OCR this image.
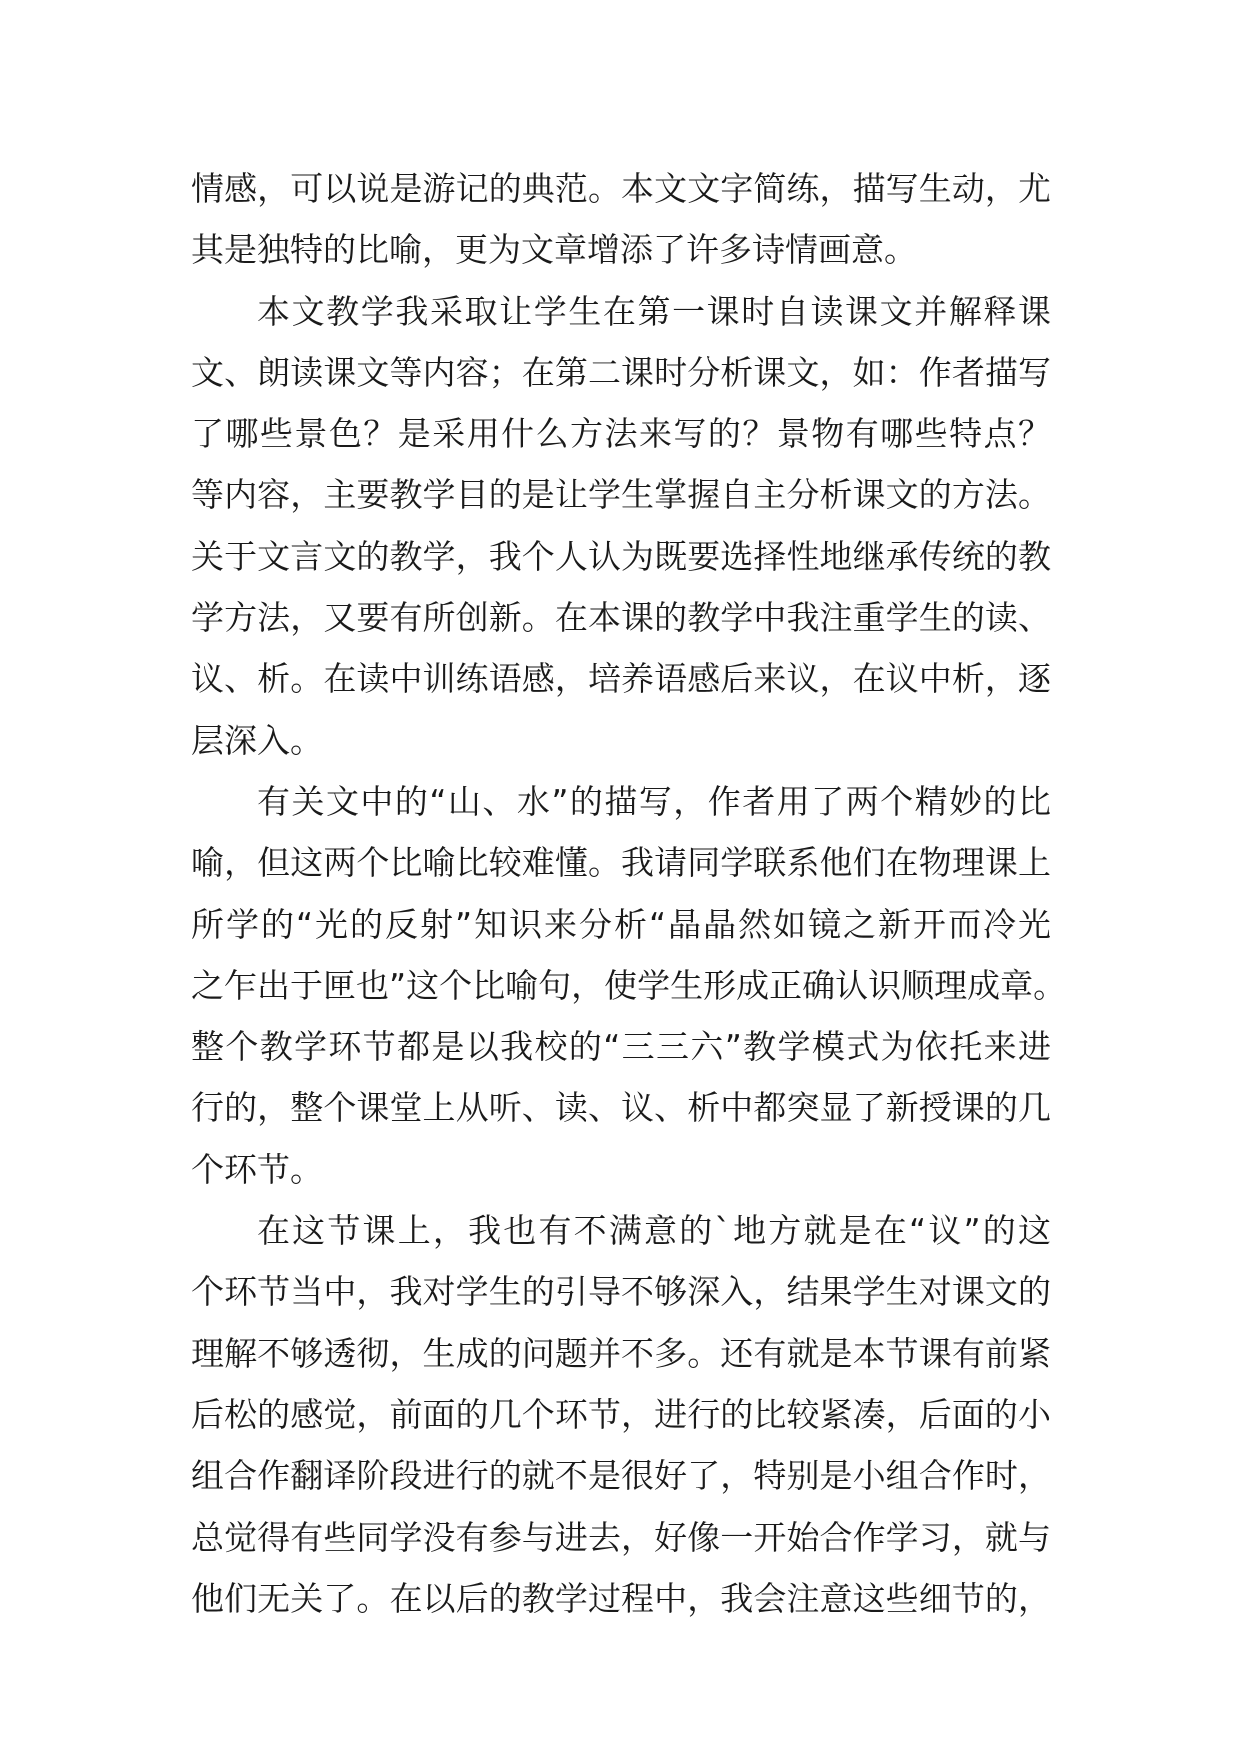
情感，可以说是游记的典范。本文文字简练，描写生动，尤
其是独特的比喻，更为文章增添了许多诗情画意。
本文教学我采取让学生在第一课时自读课文并解释课
文、朗读课文等内容；在第二课时分析课文，如：作者描写
了哪些景色？是采用什么方法来写的？景物有哪些特点？
等内容，主要教学目的是让学生掌握自主分析课文的方法。
关于文言文的教学，我个人认为既要选择性地继承传统的教
学方法，又要有所创新。在本课的教学中我注重学生的读、
议、析。在读中训练语感，培养语感后来议，在议中析，逐
层深入。
有关文中的“山、水”的描写，作者用了两个精妙的比
喻，但这两个比喻比较难懂。我请同学联系他们在物理课上
所学的“光的反射”知识来分析“晶晶然如镜之新开而冷光
之乍出于匣也”这个比喻句，使学生形成正确认识顺理成章。
整个教学环节都是以我校的“三三六”教学模式为依托来进
行的，整个课堂上从听、读、议、析中都突显了新授课的几
个环节。
在这节课上，我也有不满意的`地方就是在“议”的这
个环节当中，我对学生的引导不够深入，结果学生对课文的
理解不够透彻，生成的问题并不多。还有就是本节课有前紧
后松的感觉，前面的几个环节，进行的比较紧凑，后面的小
组合作翻译阶段进行的就不是很好了，特别是小组合作时，
总觉得有些同学没有参与进去，好像一开始合作学习，就与
他们无关了。在以后的教学过程中，我会注意这些细节的，
